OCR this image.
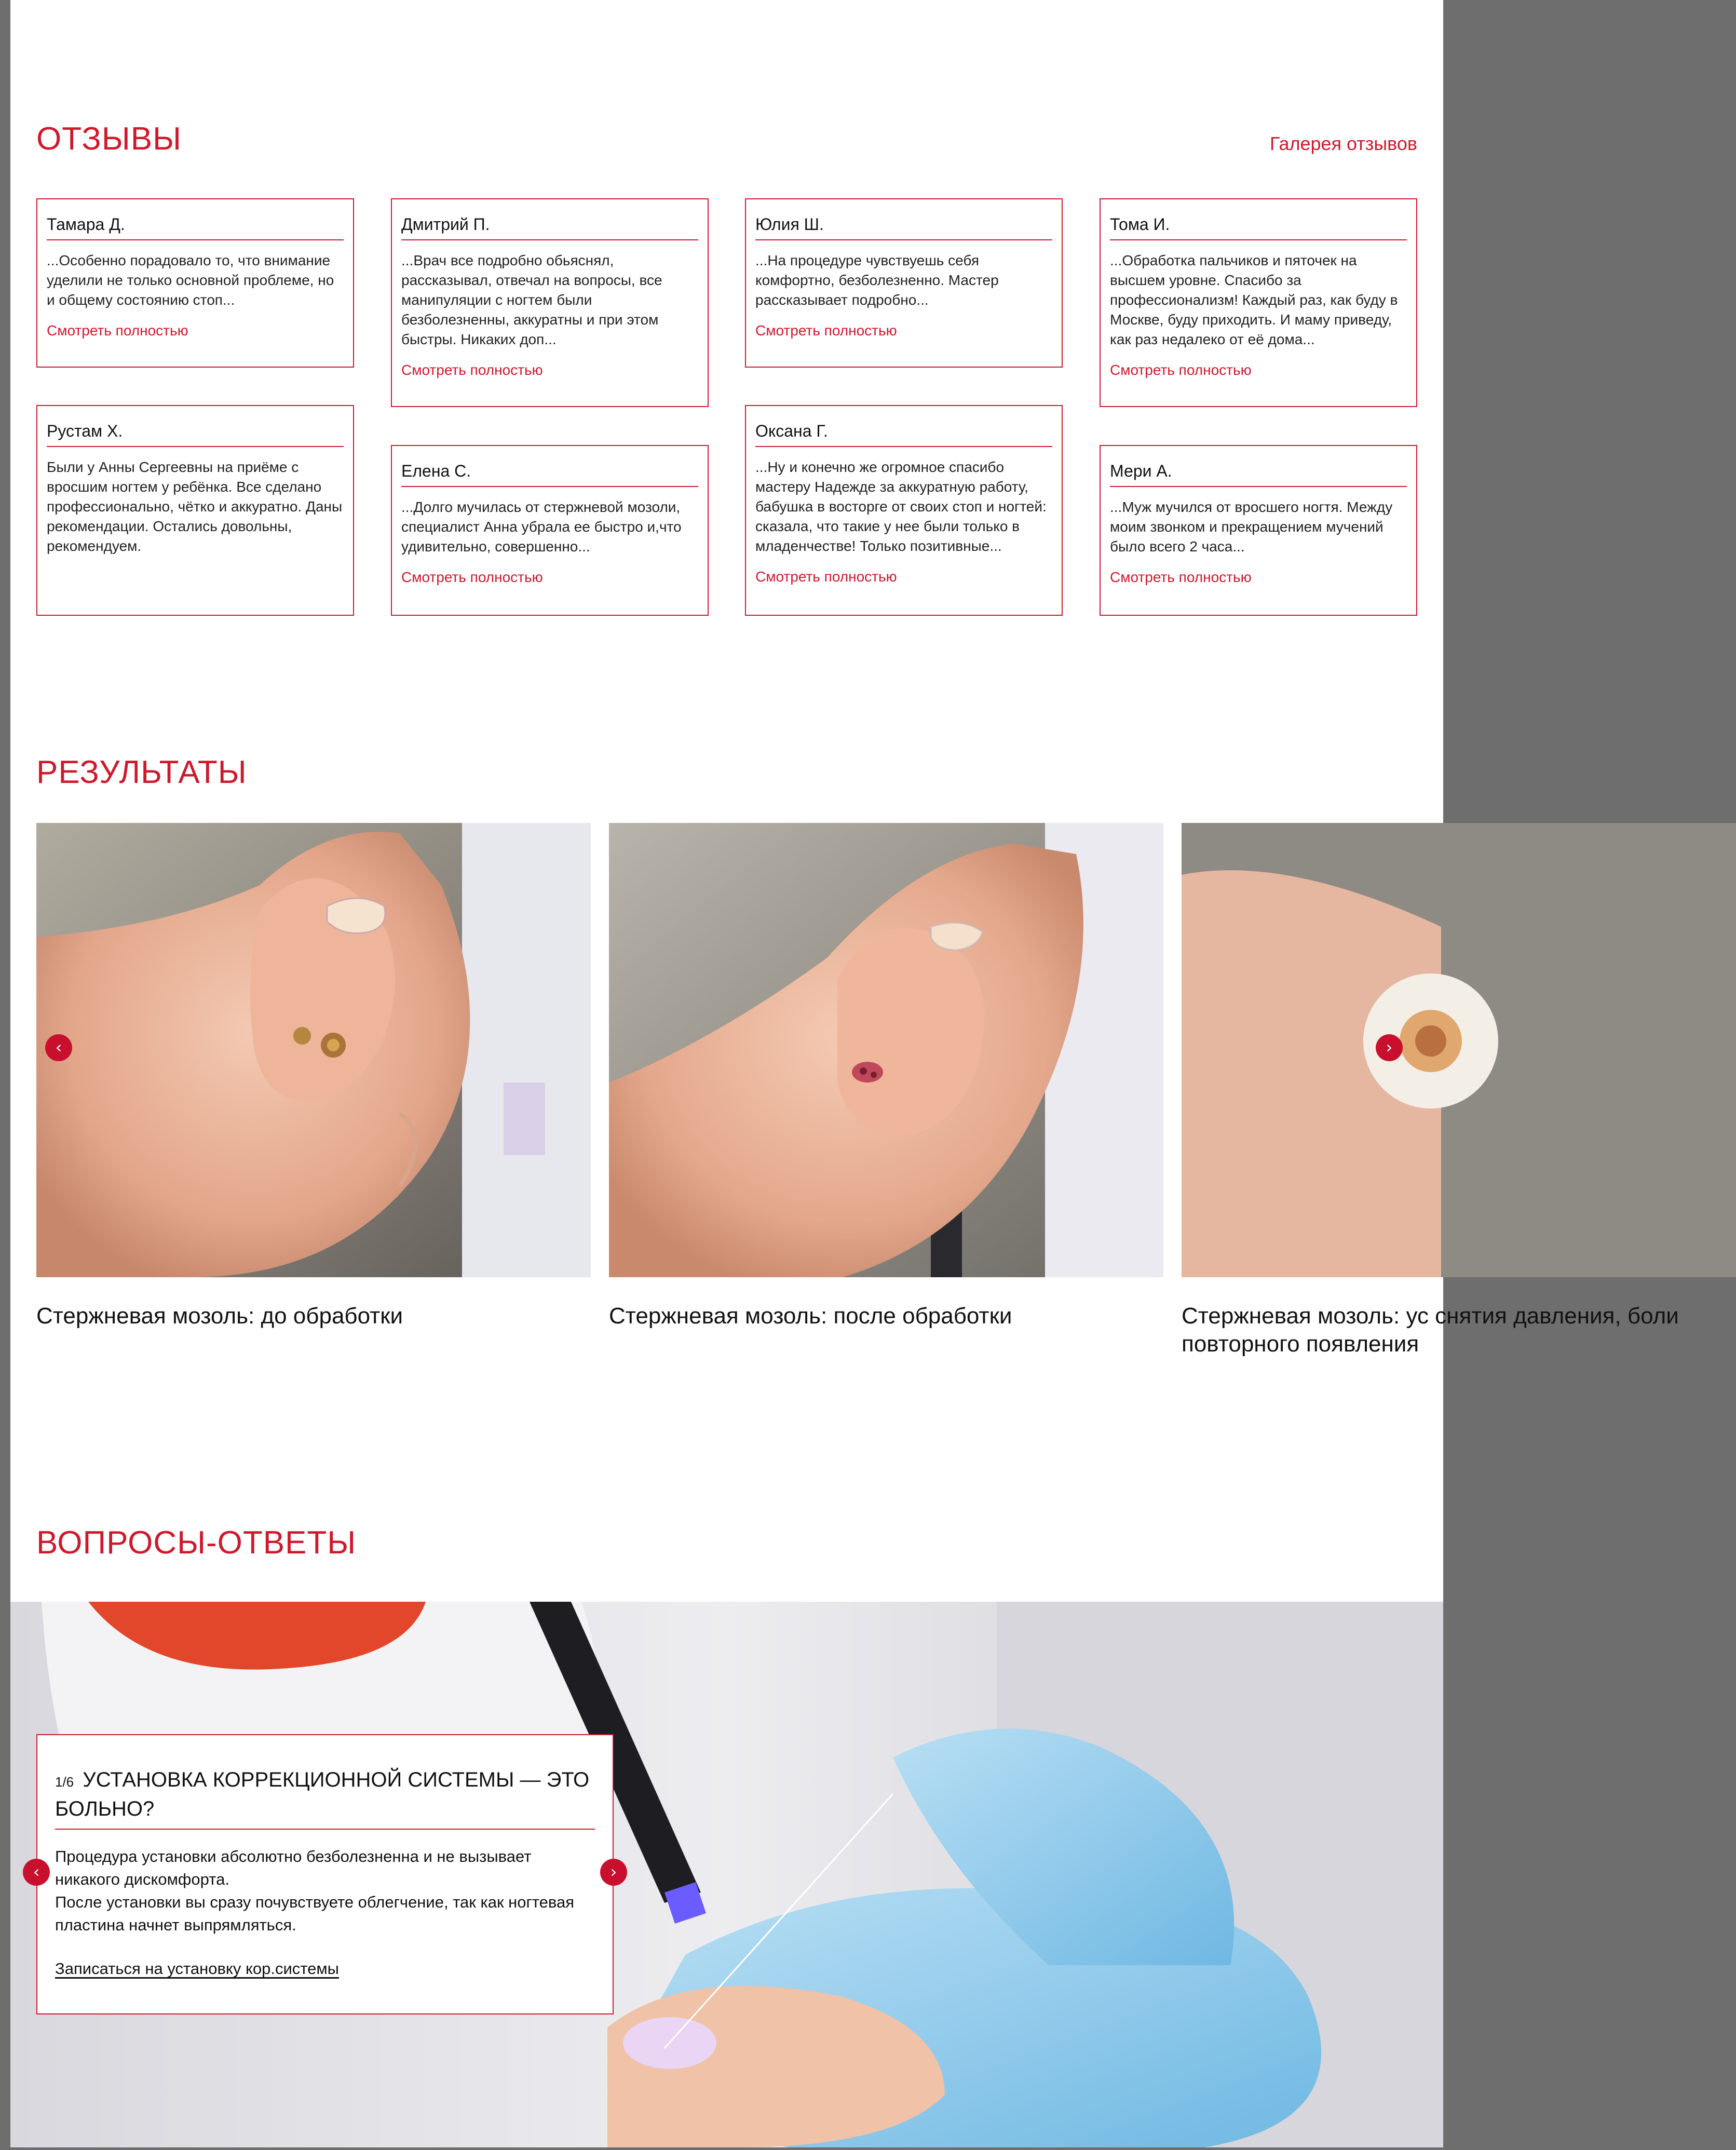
ОТЗЫВЫ	Галерея отзывов
Тамара Д.
...Особенно порадовало то, что внимание уделили не только основной проблеме, но и общему состоянию стоп...
Смотреть полностью
Дмитрий П.
...Врач все подробно обьяснял, рассказывал, отвечал на вопросы, все манипуляции с ногтем были безболезненны, аккуратны и при этом быстры. Никаких доп...
Смотреть полностью
Юлия Ш.
...На процедуре чувствуешь себя комфортно, безболезненно. Мастер рассказывает подробно...
Смотреть полностью
Тома И.
...Обработка пальчиков и пяточек на высшем уровне. Спасибо за профессионализм! Каждый раз, как буду в Москве, буду приходить. И маму приведу, как раз недалеко от её дома...
Смотреть полностью
Рустам Х.
Были у Анны Сергеевны на приёме с вросшим ногтем у ребёнка. Все сделано профессионально, чётко и аккуратно. Даны рекомендации. Остались довольны, рекомендуем.
Елена С.
...Долго мучилась от стержневой мозоли, специалист Анна убрала ее быстро и,что удивительно, совершенно...
Смотреть полностью
Оксана Г.
...Ну и конечно же огромное спасибо мастеру Надежде за аккуратную работу, бабушка в восторге от своих стоп и ногтей: сказала, что такие у нее были только в младенчестве! Только позитивные...
Смотреть полностью
Мери А.
...Муж мучился от вросшего ногтя. Между моим звонком и прекращением мучений было всего 2 часа...
Смотреть полностью
РЕЗУЛЬТАТЫ
Стержневая мозоль: до обработки	Стержневая мозоль: после обработки	Стержневая мозоль: ус снятия давления, боли повторного появления
‹	›
ВОПРОСЫ-ОТВЕТЫ
1/6 УСТАНОВКА КОРРЕКЦИОННОЙ СИСТЕМЫ — ЭТО БОЛЬНО?
Процедура установки абсолютно безболезненна и не вызывает никакого дискомфорта.
После установки вы сразу почувствуете облегчение, так как ногтевая пластина начнет выпрямляться.
Записаться на установку кор.системы
‹	›
